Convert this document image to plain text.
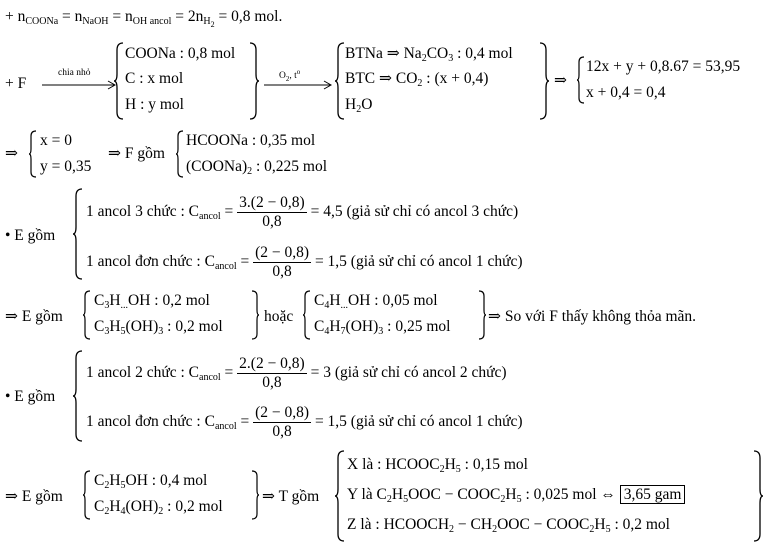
+ $n_{COONa} = n_{NaOH} = n_{OH ancol} = 2n_{H_2} = 0,8$ mol.
+ F
chia nhỏ
COONa : 0,8 mol
C : x mol
H : y mol
$O_2$, $t^o$
BTNa ⇒ $Na_2CO_3$ : 0,4 mol
BTC ⇒ $CO_2$ : (x + 0,4)
$H_2O$
⇒
12x + y + 0,8.67 = 53,95
x + 0,4 = 0,4
⇒
x = 0
y = 0,35
⇒ F gồm
HCOONa : 0,35 mol
$(COONa)_2$ : 0,225 mol
• E gồm
1 ancol 3 chức : $C_{ancol} = \frac{3.(2 - 0,8)}{0,8} = 4,5$ (giả sử chỉ có ancol 3 chức)
1 ancol đơn chức : $C_{ancol} = \frac{(2 - 0,8)}{0,8} = 1,5$ (giả sử chỉ có ancol 1 chức)
⇒ E gồm
$C_3H_{...}OH$ : 0,2 mol
$C_3H_5(OH)_3$ : 0,2 mol
hoặc
$C_4H_{...}OH$ : 0,05 mol
$C_4H_7(OH)_3$ : 0,25 mol
⇒ So với F thấy không thỏa mãn.
• E gồm
1 ancol 2 chức : $C_{ancol} = \frac{2.(2 - 0,8)}{0,8} = 3$ (giả sử chỉ có ancol 2 chức)
1 ancol đơn chức : $C_{ancol} = \frac{(2 - 0,8)}{0,8} = 1,5$ (giả sử chỉ có ancol 1 chức)
⇒ E gồm
$C_2H_5OH$ : 0,4 mol
$C_2H_4(OH)_2$ : 0,2 mol
⇒ T gồm
X là : $HCOOC_2H_5$ : 0,15 mol
Y là $C_2H_5OOC$ − $COOC_2H_5$ : 0,025 mol ⇔ 3,65 gam
Z là : $HCOOCH_2 - CH_2OOC$ − $COOC_2H_5$ : 0,2 mol
